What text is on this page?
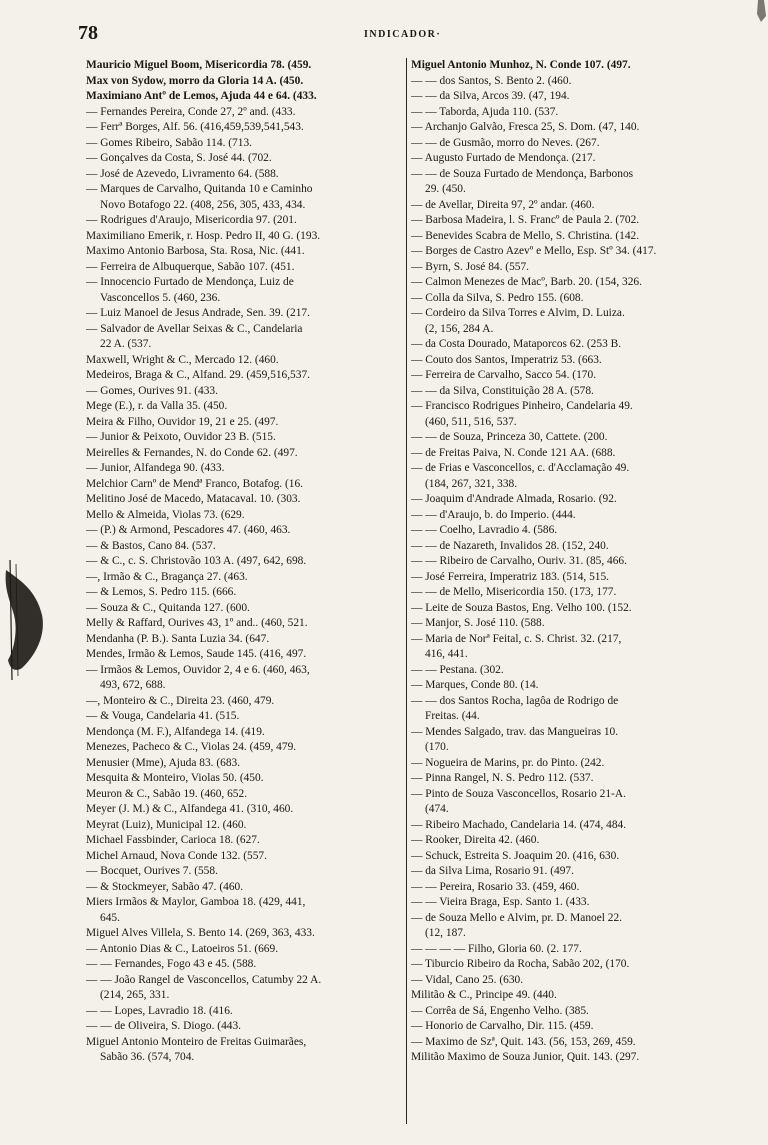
78	INDICADOR·
Mauricio Miguel Boom, Misericordia 78. (459.
Max von Sydow, morro da Gloria 14 A. (450.
Maximiano Antº de Lemos, Ajuda 44 e 64. (433.
— Fernandes Pereira, Conde 27, 2º and. (433.
— Ferrª Borges, Alf. 56. (416,459,539,541,543.
— Gomes Ribeiro, Sabão 114. (713.
— Gonçalves da Costa, S. José 44. (702.
— José de Azevedo, Livramento 64. (588.
— Marques de Carvalho, Quitanda 10 e Caminho
Novo Botafogo 22. (408, 256, 305, 433, 434.
— Rodrigues d'Araujo, Misericordia 97. (201.
Maximiliano Emerik, r. Hosp. Pedro II, 40 G. (193.
Maximo Antonio Barbosa, Sta. Rosa, Nic. (441.
— Ferreira de Albuquerque, Sabão 107. (451.
— Innocencio Furtado de Mendonça, Luiz de
Vasconcellos 5. (460, 236.
— Luiz Manoel de Jesus Andrade, Sen. 39. (217.
— Salvador de Avellar Seixas & C., Candelaria
22 A. (537.
Maxwell, Wright & C., Mercado 12. (460.
Medeiros, Braga & C., Alfand. 29. (459,516,537.
— Gomes, Ourives 91. (433.
Mege (E.), r. da Valla 35. (450.
Meira & Filho, Ouvidor 19, 21 e 25. (497.
— Junior & Peixoto, Ouvidor 23 B. (515.
Meirelles & Fernandes, N. do Conde 62. (497.
— Junior, Alfandega 90. (433.
Melchior Carnº de Mendª Franco, Botafog. (16.
Melitino José de Macedo, Matacaval. 10. (303.
Mello & Almeida, Violas 73. (629.
— (P.) & Armond, Pescadores 47. (460, 463.
— & Bastos, Cano 84. (537.
— & C., c. S. Christovão 103 A. (497, 642, 698.
—, Irmão & C., Bragança 27. (463.
— & Lemos, S. Pedro 115. (666.
— Souza & C., Quitanda 127. (600.
Melly & Raffard, Ourives 43, 1º and.. (460, 521.
Mendanha (P. B.). Santa Luzia 34. (647.
Mendes, Irmão & Lemos, Saude 145. (416, 497.
— Irmãos & Lemos, Ouvidor 2, 4 e 6. (460, 463,
493, 672, 688.
—, Monteiro & C., Direita 23. (460, 479.
— & Vouga, Candelaria 41. (515.
Mendonça (M. F.), Alfandega 14. (419.
Menezes, Pacheco & C., Violas 24. (459, 479.
Menusier (Mme), Ajuda 83. (683.
Mesquita & Monteiro, Violas 50. (450.
Meuron & C., Sabão 19. (460, 652.
Meyer (J. M.) & C., Alfandega 41. (310, 460.
Meyrat (Luiz), Municipal 12. (460.
Michael Fassbinder, Carioca 18. (627.
Michel Arnaud, Nova Conde 132. (557.
— Bocquet, Ourives 7. (558.
— & Stockmeyer, Sabão 47. (460.
Miers Irmãos & Maylor, Gamboa 18. (429, 441,
645.
Miguel Alves Villela, S. Bento 14. (269, 363, 433.
— Antonio Dias & C., Latoeiros 51. (669.
— — Fernandes, Fogo 43 e 45. (588.
— — João Rangel de Vasconcellos, Catumby 22 A.
(214, 265, 331.
— — Lopes, Lavradio 18. (416.
— — de Oliveira, S. Diogo. (443.
Miguel Antonio Monteiro de Freitas Guimarães,
Sabão 36. (574, 704.
Miguel Antonio Munhoz, N. Conde 107. (497.
— — dos Santos, S. Bento 2. (460.
— — da Silva, Arcos 39. (47, 194.
— — Taborda, Ajuda 110. (537.
— Archanjo Galvão, Fresca 25, S. Dom. (47, 140.
— — de Gusmão, morro do Neves. (267.
— Augusto Furtado de Mendonça. (217.
— — de Souza Furtado de Mendonça, Barbonos
29. (450.
— de Avellar, Direita 97, 2º andar. (460.
— Barbosa Madeira, l. S. Francº de Paula 2. (702.
— Benevides Scabra de Mello, S. Christina. (142.
— Borges de Castro Azevº e Mello, Esp. Stº 34. (417.
— Byrn, S. José 84. (557.
— Calmon Menezes de Macº, Barb. 20. (154, 326.
— Colla da Silva, S. Pedro 155. (608.
— Cordeiro da Silva Torres e Alvim, D. Luiza.
(2, 156, 284 A.
— da Costa Dourado, Mataporcos 62. (253 B.
— Couto dos Santos, Imperatriz 53. (663.
— Ferreira de Carvalho, Sacco 54. (170.
— — da Silva, Constituição 28 A. (578.
— Francisco Rodrigues Pinheiro, Candelaria 49.
(460, 511, 516, 537.
— — de Souza, Princeza 30, Cattete. (200.
— de Freitas Paiva, N. Conde 121 AA. (688.
— de Frias e Vasconcellos, c. d'Acclamação 49.
(184, 267, 321, 338.
— Joaquim d'Andrade Almada, Rosario. (92.
— — d'Araujo, b. do Imperio. (444.
— — Coelho, Lavradio 4. (586.
— — de Nazareth, Invalidos 28. (152, 240.
— — Ribeiro de Carvalho, Ouriv. 31. (85, 466.
— José Ferreira, Imperatriz 183. (514, 515.
— — de Mello, Misericordia 150. (173, 177.
— Leite de Souza Bastos, Eng. Velho 100. (152.
— Manjor, S. José 110. (588.
— Maria de Norª Feital, c. S. Christ. 32. (217,
416, 441.
— — Pestana. (302.
— Marques, Conde 80. (14.
— — dos Santos Rocha, lagôa de Rodrigo de
Freitas. (44.
— Mendes Salgado, trav. das Mangueiras 10.
(170.
— Nogueira de Marins, pr. do Pinto. (242.
— Pinna Rangel, N. S. Pedro 112. (537.
— Pinto de Souza Vasconcellos, Rosario 21-A.
(474.
— Ribeiro Machado, Candelaria 14. (474, 484.
— Rooker, Direita 42. (460.
— Schuck, Estreita S. Joaquim 20. (416, 630.
— da Silva Lima, Rosario 91. (497.
— — Pereira, Rosario 33. (459, 460.
— — Vieira Braga, Esp. Santo 1. (433.
— de Souza Mello e Alvim, pr. D. Manoel 22.
(12, 187.
— — — — Filho, Gloria 60. (2. 177.
— Tiburcio Ribeiro da Rocha, Sabão 202, (170.
— Vidal, Cano 25. (630.
Militão & C., Principe 49. (440.
— Corrêa de Sá, Engenho Velho. (385.
— Honorio de Carvalho, Dir. 115. (459.
— Maximo de Szª, Quit. 143. (56, 153, 269, 459.
Militão Maximo de Souza Junior, Quit. 143. (297.
